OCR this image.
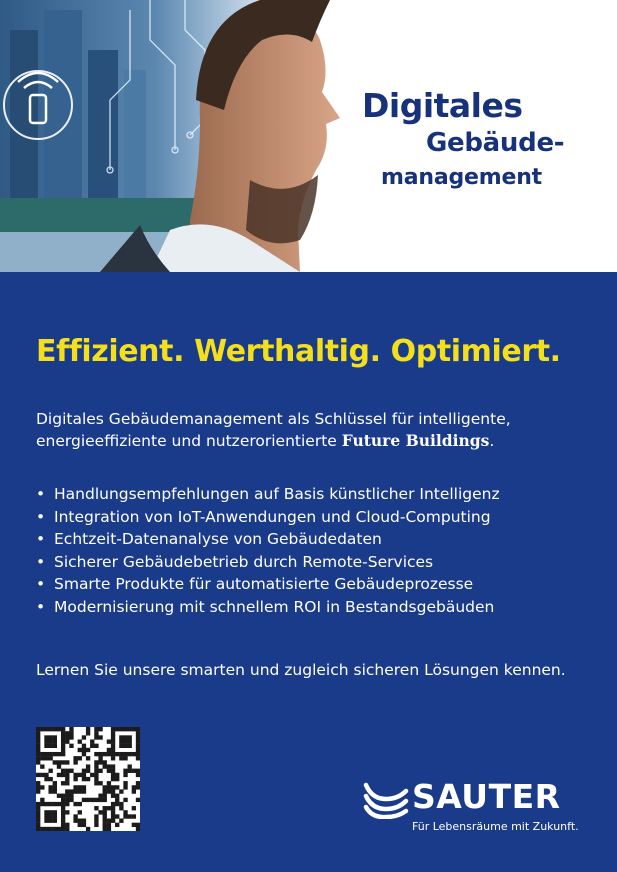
Digitales
Gebäude-
management
Effizient. Werthaltig. Optimiert.
Digitales Gebäudemanagement als Schlüssel für intelligente, energieeffiziente und nutzerorientierte Future Buildings.
• Handlungsempfehlungen auf Basis künstlicher Intelligenz
• Integration von IoT-Anwendungen und Cloud-Computing
• Echtzeit-Datenanalyse von Gebäudedaten
• Sicherer Gebäudebetrieb durch Remote-Services
• Smarte Produkte für automatisierte Gebäudeprozesse
• Modernisierung mit schnellem ROI in Bestandsgebäuden
Lernen Sie unsere smarten und zugleich sicheren Lösungen kennen.
SAUTER
Für Lebensräume mit Zukunft.
